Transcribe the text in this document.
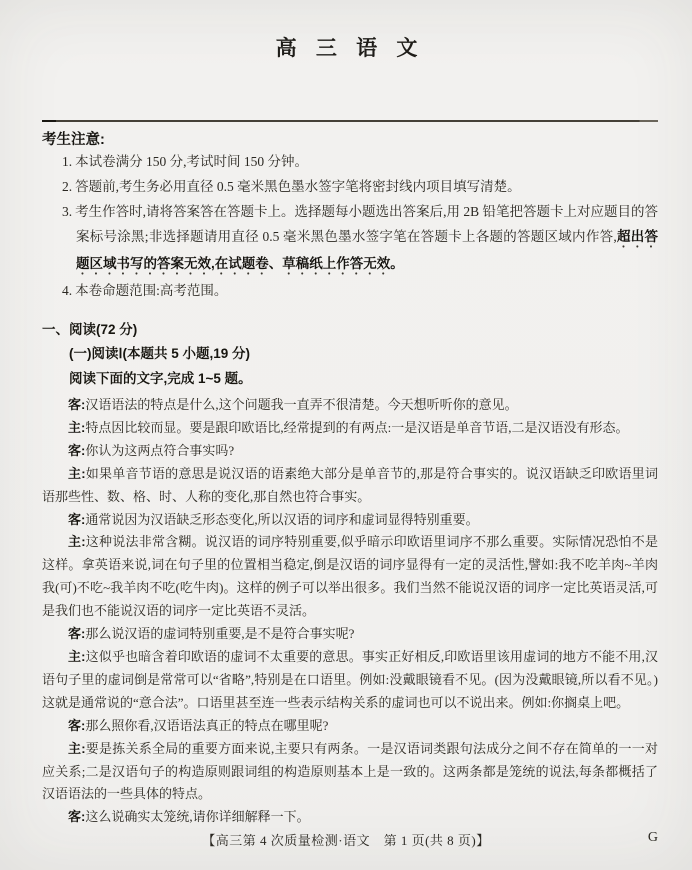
高 三 语 文
考生注意:

1. 本试卷满分 150 分,考试时间 150 分钟。

2. 答题前,考生务必用直径 0.5 毫米黑色墨水签字笔将密封线内项目填写清楚。

3. 考生作答时,请将答案答在答题卡上。选择题每小题选出答案后,用 2B 铅笔把答题卡上对应题目的答案标号涂黑;非选择题请用直径 0.5 毫米黑色墨水签字笔在答题卡上各题的答题区域内作答,超出答题区域书写的答案无效,在试题卷、草稿纸上作答无效。

4. 本卷命题范围:高考范围。

一、阅读(72 分)

(一)阅读Ⅰ(本题共 5 小题,19 分)

阅读下面的文字,完成 1~5 题。

客:汉语语法的特点是什么,这个问题我一直弄不很清楚。今天想听听你的意见。

主:特点因比较而显。要是跟印欧语比,经常提到的有两点:一是汉语是单音节语,二是汉语没有形态。

客:你认为这两点符合事实吗?

主:如果单音节语的意思是说汉语的语素绝大部分是单音节的,那是符合事实的。说汉语缺乏印欧语里词语那些性、数、格、时、人称的变化,那自然也符合事实。

客:通常说因为汉语缺乏形态变化,所以汉语的词序和虚词显得特别重要。

主:这种说法非常含糊。说汉语的词序特别重要,似乎暗示印欧语里词序不那么重要。实际情况恐怕不是这样。拿英语来说,词在句子里的位置相当稳定,倒是汉语的词序显得有一定的灵活性,譬如:我不吃羊肉~羊肉我(可)不吃~我羊肉不吃(吃牛肉)。这样的例子可以举出很多。我们当然不能说汉语的词序一定比英语灵活,可是我们也不能说汉语的词序一定比英语不灵活。

客:那么说汉语的虚词特别重要,是不是符合事实呢?

主:这似乎也暗含着印欧语的虚词不太重要的意思。事实正好相反,印欧语里该用虚词的地方不能不用,汉语句子里的虚词倒是常常可以“省略”,特别是在口语里。例如:没戴眼镜看不见。(因为没戴眼镜,所以看不见。)这就是通常说的“意合法”。口语里甚至连一些表示结构关系的虚词也可以不说出来。例如:你搁桌上吧。

客:那么照你看,汉语语法真正的特点在哪里呢?

主:要是拣关系全局的重要方面来说,主要只有两条。一是汉语词类跟句法成分之间不存在简单的一一对应关系;二是汉语句子的构造原则跟词组的构造原则基本上是一致的。这两条都是笼统的说法,每条都概括了汉语语法的一些具体的特点。

客:这么说确实太笼统,请你详细解释一下。

【高三第 4 次质量检测·语文　第 1 页(共 8 页)】	G
